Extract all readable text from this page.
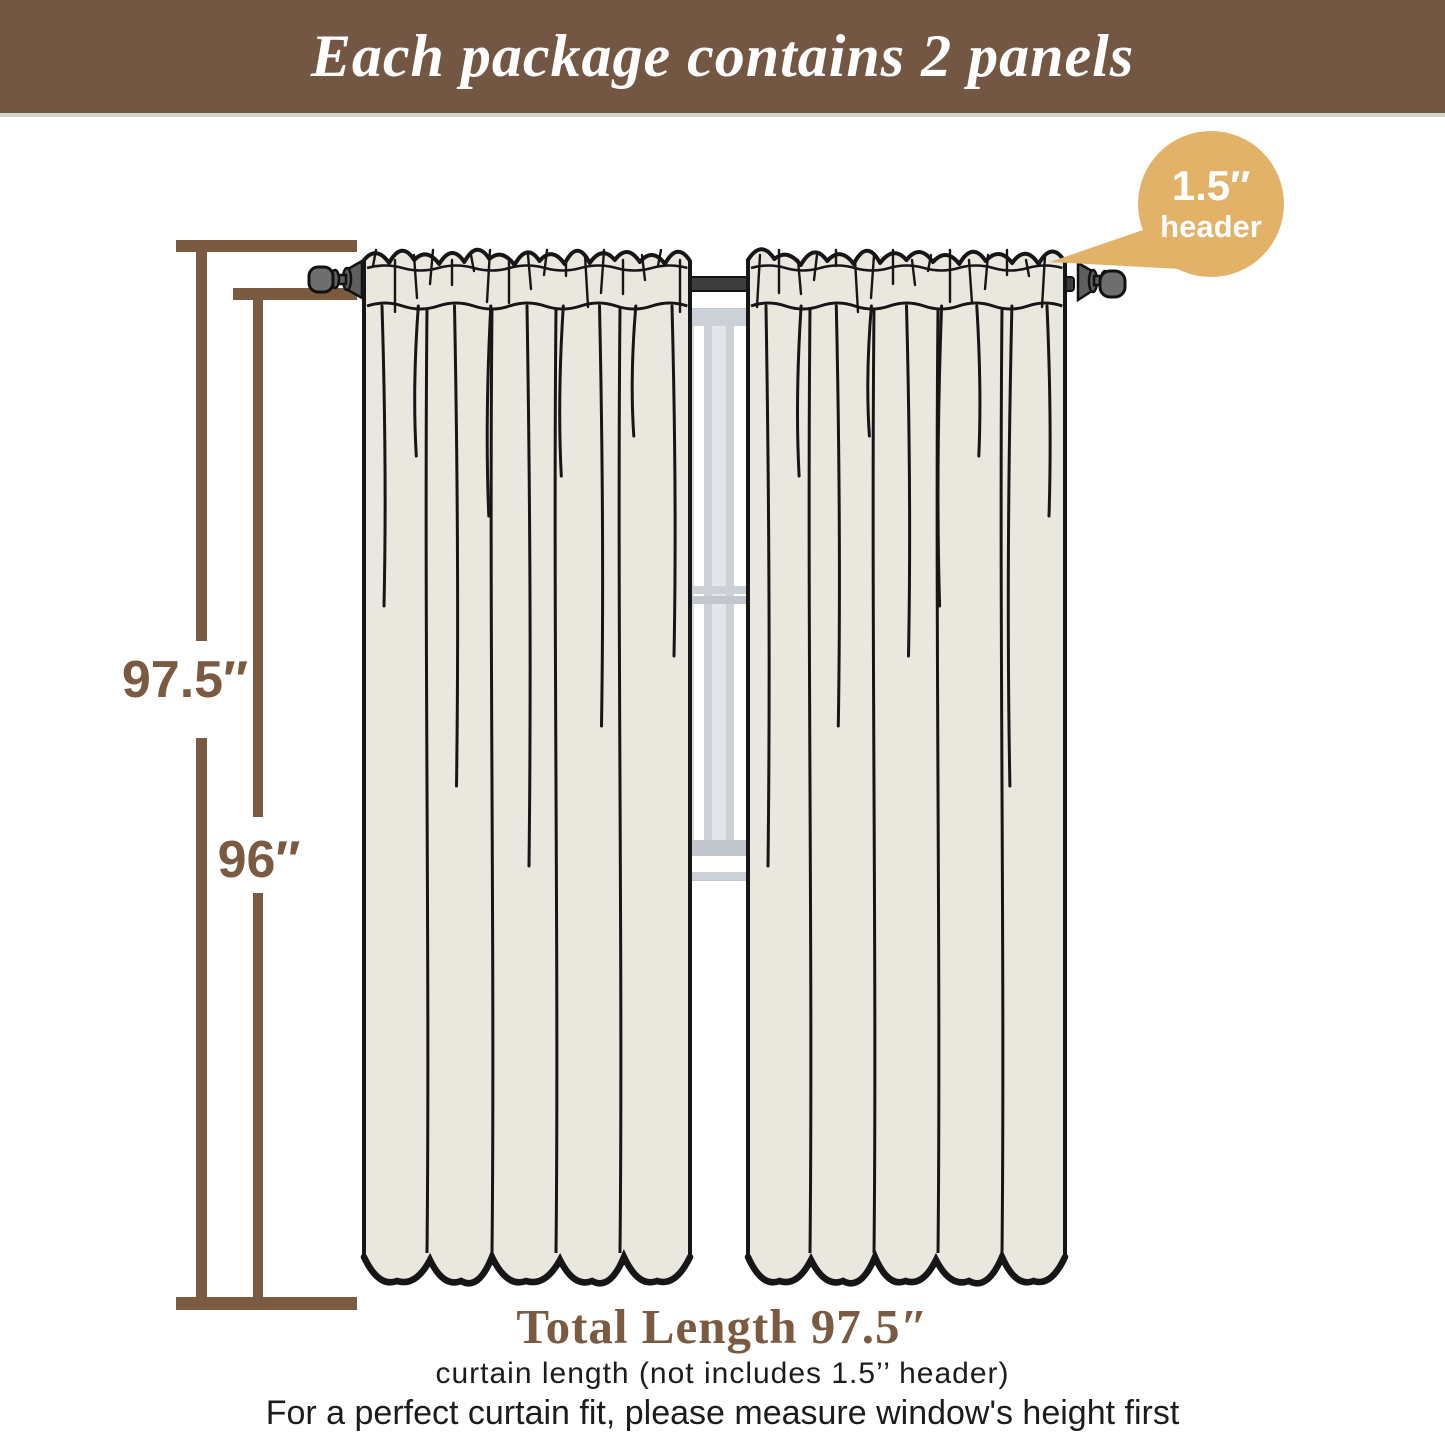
Each package contains 2 panels
97.5″
96″
1.5″
header
Total Length 97.5″
curtain length (not includes 1.5’’ header)
For a perfect curtain fit, please measure window's height first
